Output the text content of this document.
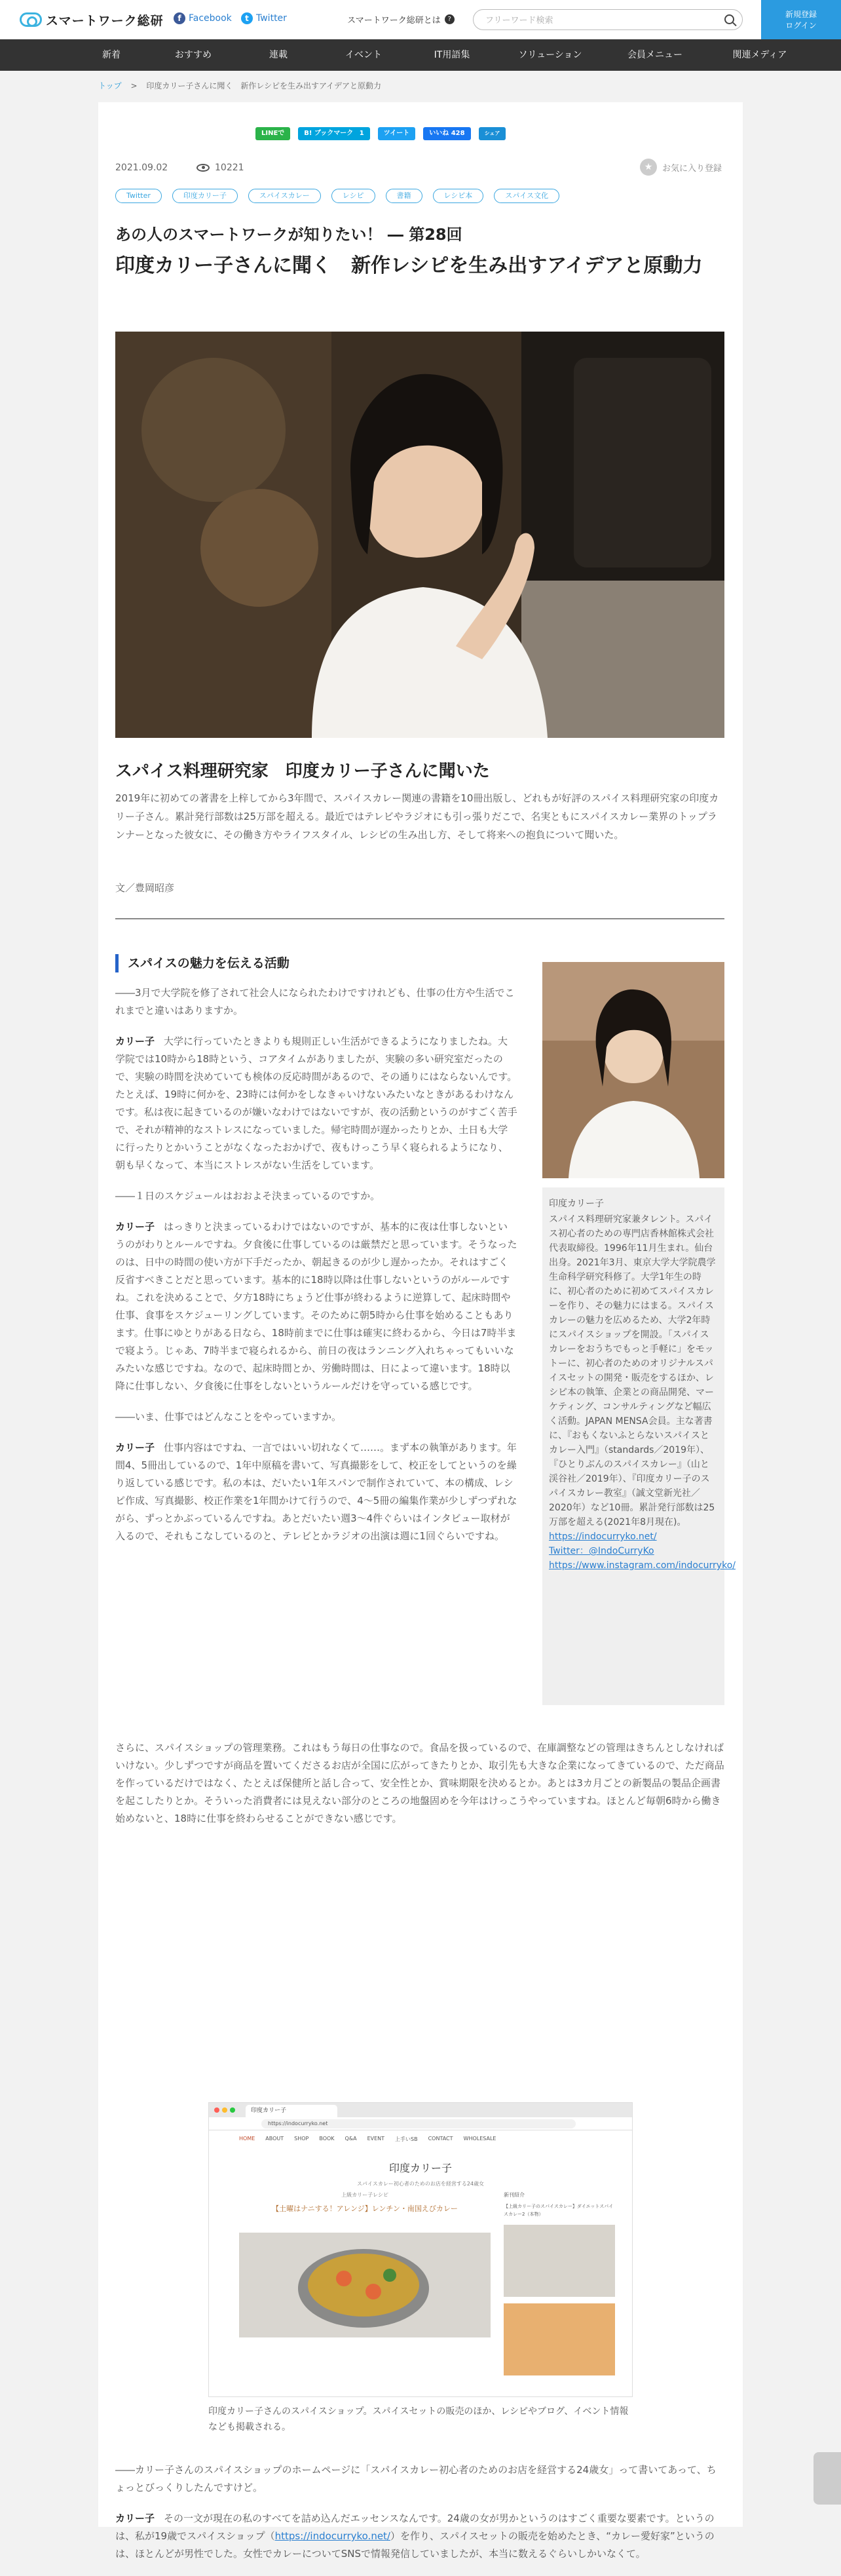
スマートワーク総研	f Facebook	t Twitter	スマートワーク総研とは	?
フリーワード検索
新規登録
ログイン
新着	おすすめ	連載	イベント	IT用語集	ソリューション	会員メニュー	関連メディア
トップ > 印度カリー子さんに聞く　新作レシピを生み出すアイデアと原動力
LINEで	B! ブックマーク 1	ツイート	いいね 428	シェア
2021.09.02	10221	★	お気に入り登録
Twitter	印度カリー子	スパイスカレー	レシピ	書籍	レシピ本	スパイス文化
あの人のスマートワークが知りたい！ ― 第28回
印度カリー子さんに聞く　新作レシピを生み出すアイデアと原動力
スパイス料理研究家　印度カリー子さんに聞いた

2019年に初めての著書を上梓してから3年間で、スパイスカレー関連の書籍を10冊出版し、どれもが好評のスパイス料理研究家の印度カリー子さん。累計発行部数は25万部を超える。最近ではテレビやラジオにも引っ張りだこで、名実ともにスパイスカレー業界のトップランナーとなった彼女に、その働き方やライフスタイル、レシピの生み出し方、そして将来への抱負について聞いた。

文／豊岡昭彦
スパイスの魅力を伝える活動

――3月で大学院を修了されて社会人になられたわけですけれども、仕事の仕方や生活でこれまでと違いはありますか。

カリー子 大学に行っていたときよりも規則正しい生活ができるようになりましたね。大学院では10時から18時という、コアタイムがありましたが、実験の多い研究室だったので、実験の時間を決めていても検体の反応時間があるので、その通りにはならないんです。たとえば、19時に何かを、23時には何かをしなきゃいけないみたいなときがあるわけなんです。私は夜に起きているのが嫌いなわけではないですが、夜の活動というのがすごく苦手で、それが精神的なストレスになっていました。帰宅時間が遅かったりとか、土日も大学に行ったりとかいうことがなくなったおかげで、夜もけっこう早く寝られるようになり、朝も早くなって、本当にストレスがない生活をしています。

――１日のスケジュールはおおよそ決まっているのですか。

カリー子 はっきりと決まっているわけではないのですが、基本的に夜は仕事しないというのがわりとルールですね。夕食後に仕事しているのは厳禁だと思っています。そうなったのは、日中の時間の使い方が下手だったか、朝起きるのが少し遅かったか。それはすごく反省すべきことだと思っています。基本的に18時以降は仕事しないというのがルールですね。これを決めることで、夕方18時にちょうど仕事が終わるように逆算して、起床時間や仕事、食事をスケジューリングしています。そのために朝5時から仕事を始めることもあります。仕事にゆとりがある日なら、18時前までに仕事は確実に終わるから、今日は7時半まで寝よう。じゃあ、7時半まで寝られるから、前日の夜はランニング入れちゃってもいいなみたいな感じですね。なので、起床時間とか、労働時間は、日によって違います。18時以降に仕事しない、夕食後に仕事をしないというルールだけを守っている感じです。

――いま、仕事ではどんなことをやっていますか。

カリー子 仕事内容はですね、一言ではいい切れなくて……。まず本の執筆があります。年間4、5冊出しているので、1年中原稿を書いて、写真撮影をして、校正をしてというのを繰り返している感じです。私の本は、だいたい1年スパンで制作されていて、本の構成、レシピ作成、写真撮影、校正作業を1年間かけて行うので、4～5冊の編集作業が少しずつずれながら、ずっとかぶっているんですね。あとだいたい週3～4件ぐらいはインタビュー取材が入るので、それもこなしているのと、テレビとかラジオの出演は週に1回ぐらいですね。

印度カリー子
スパイス料理研究家兼タレント。スパイス初心者のための専門店香林館株式会社代表取締役。1996年11月生まれ。仙台出身。2021年3月、東京大学大学院農学生命科学研究科修了。大学1年生の時に、初心者のために初めてスパイスカレーを作り、その魅力にはまる。スパイスカレーの魅力を広めるため、大学2年時にスパイスショップを開設。「スパイスカレーをおうちでもっと手軽に」をモットーに、初心者のためのオリジナルスパイスセットの開発・販売をするほか、レシピ本の執筆、企業との商品開発、マーケティング、コンサルティングなど幅広く活動。JAPAN MENSA会員。主な著書に、『おもくないふとらないスパイスとカレー入門』（standards／2019年）、『ひとりぶんのスパイスカレー』（山と渓谷社／2019年）、『印度カリー子のスパイスカレー教室』（誠文堂新光社／2020年）など10冊。累計発行部数は25万部を超える(2021年8月現在)。
https://indocurryko.net/
Twitter：@IndoCurryKo
https://www.instagram.com/indocurryko/

さらに、スパイスショップの管理業務。これはもう毎日の仕事なので。食品を扱っているので、在庫調整などの管理はきちんとしなければいけない。少しずつですが商品を置いてくださるお店が全国に広がってきたりとか、取引先も大きな企業になってきているので、ただ商品を作っているだけではなく、たとえば保健所と話し合って、安全性とか、賞味期限を決めるとか。あとは3カ月ごとの新製品の製品企画書を起こしたりとか。そういった消費者には見えない部分のところの地盤固めを今年はけっこうやっていますね。ほとんど毎朝6時から働き始めないと、18時に仕事を終わらせることができない感じです。

印度カリー子
https://indocurryko.net
HOME ABOUT SHOP BOOK Q&A EVENT 上手いSB CONTACT WHOLESALE
印度カリー子
スパイスカレー初心者のためのお店を経営する24歳女
上級カリー子レシピ
【土曜はナニする！アレンジ】レンチン・南国えびカレー
新刊紹介
【上級カリー子のスパイスカレー】ダイエットスパイスカレー2（本物）

印度カリー子さんのスパイスショップ。スパイスセットの販売のほか、レシピやブログ、イベント情報なども掲載される。

――カリー子さんのスパイスショップのホームページに「スパイスカレー初心者のためのお店を経営する24歳女」って書いてあって、ちょっとびっくりしたんですけど。

カリー子 その一文が現在の私のすべてを詰め込んだエッセンスなんです。24歳の女が男かというのはすごく重要な要素です。というのは、私が19歳でスパイスショップ（https://indocurryko.net/）を作り、スパイスセットの販売を始めたとき、“カレー愛好家”というのは、ほとんどが男性でした。女性でカレーについてSNSで情報発信していましたが、本当に数えるぐらいしかいなくて。
